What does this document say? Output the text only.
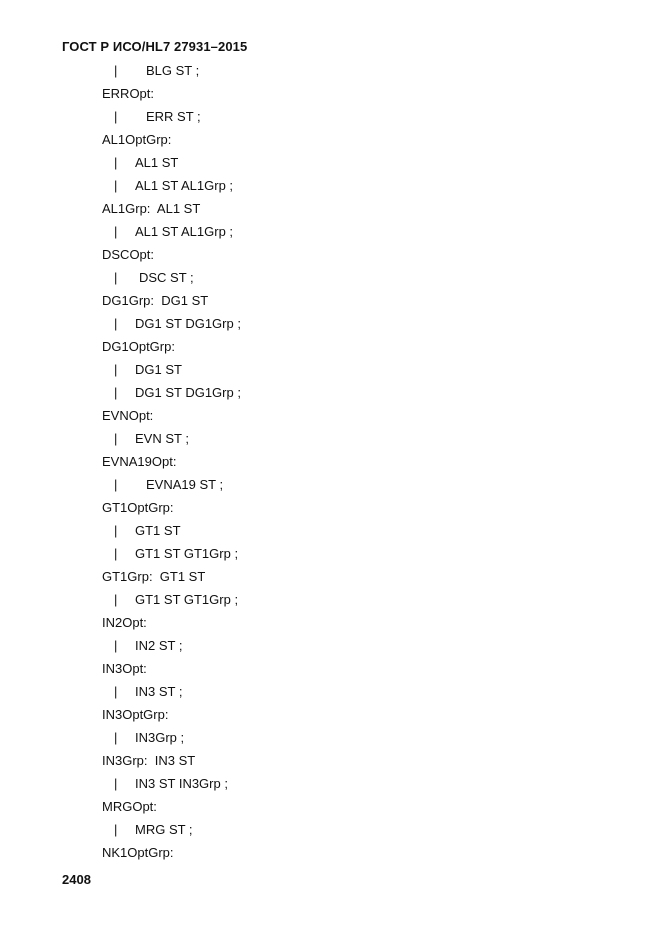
ГОСТ Р ИСО/HL7 27931–2015
| BLG ST ;
ERROpt:
| ERR ST ;
AL1OptGrp:
| AL1 ST
| AL1 ST AL1Grp ;
AL1Grp:  AL1 ST
| AL1 ST AL1Grp ;
DSCOpt:
| DSC ST ;
DG1Grp:  DG1 ST
| DG1 ST DG1Grp ;
DG1OptGrp:
| DG1 ST
| DG1 ST DG1Grp ;
EVNOpt:
| EVN ST ;
EVNA19Opt:
| EVNA19 ST ;
GT1OptGrp:
| GT1 ST
| GT1 ST GT1Grp ;
GT1Grp:  GT1 ST
| GT1 ST GT1Grp ;
IN2Opt:
| IN2 ST ;
IN3Opt:
| IN3 ST ;
IN3OptGrp:
| IN3Grp ;
IN3Grp:  IN3 ST
| IN3 ST IN3Grp ;
MRGOpt:
| MRG ST ;
NK1OptGrp:
2408
